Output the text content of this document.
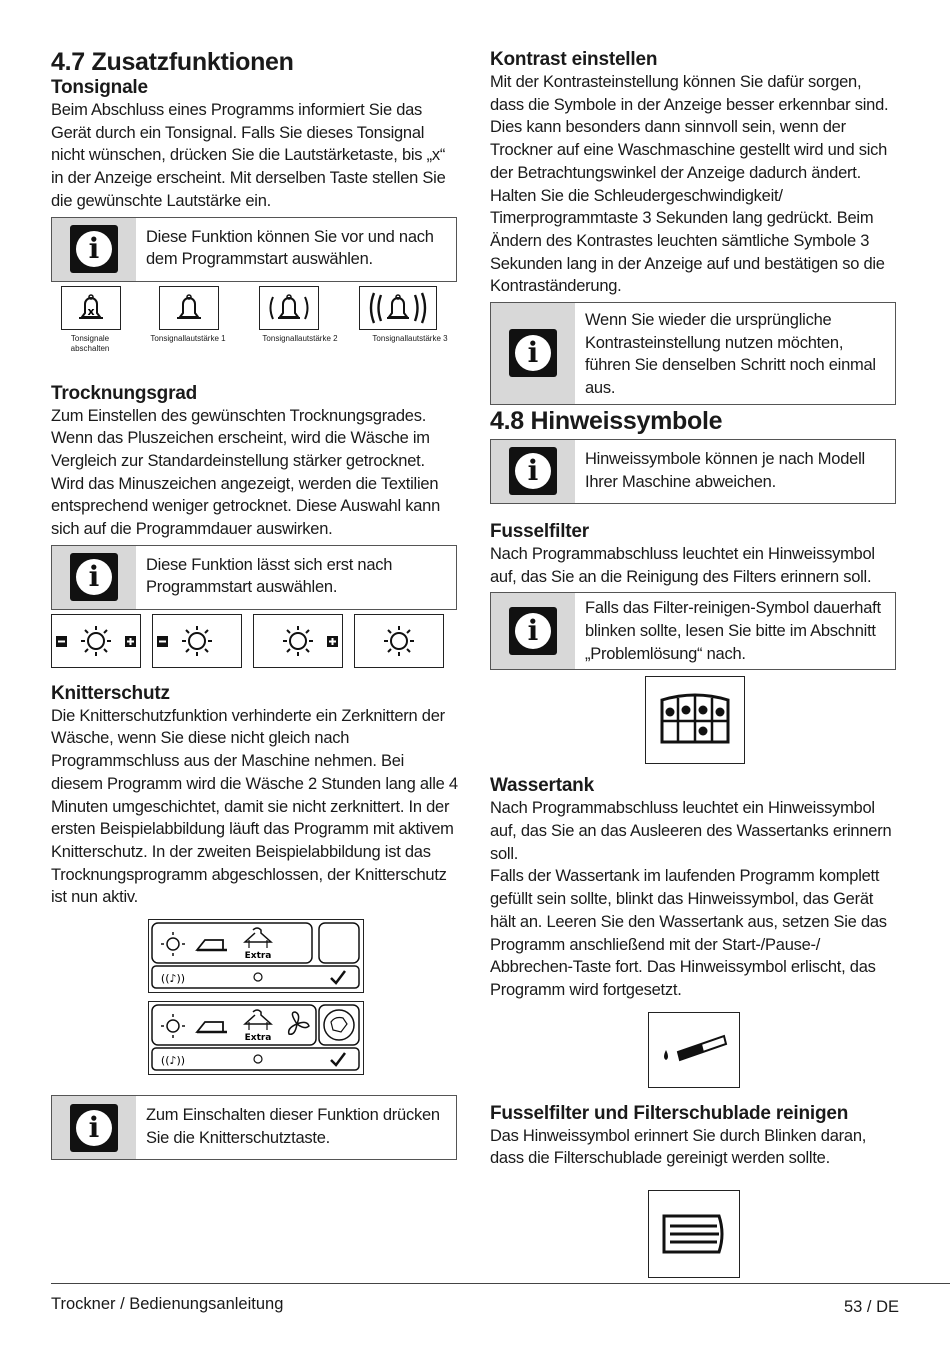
4.7 Zusatzfunktionen
Tonsignale

Beim Abschluss eines Programms informiert Sie das Gerät durch ein Tonsignal. Falls Sie dieses Tonsignal nicht wünschen, drücken Sie die Lautstärketaste, bis „x“ in der Anzeige erscheint. Mit derselben Taste stellen Sie die gewünschte Lautstärke ein.

i	Diese Funktion können Sie vor und nach dem Programmstart auswählen.
x
Tonsignale abschalten
Tonsignallautstärke 1	Tonsignallautstärke 2	Tonsignallautstärke 3
Trocknungsgrad

Zum Einstellen des gewünschten Trocknungsgrades. Wenn das Pluszeichen erscheint, wird die Wäsche im Vergleich zur Standardeinstellung stärker getrocknet. Wird das Minuszeichen angezeigt, werden die Textilien entsprechend weniger getrocknet. Diese Auswahl kann sich auf die Programmdauer auswirken.

i	Diese Funktion lässt sich erst nach Programmstart auswählen.
Knitterschutz

Die Knitterschutzfunktion verhinderte ein Zerknittern der Wäsche, wenn Sie diese nicht gleich nach Programmschluss aus der Maschine nehmen. Bei diesem Programm wird die Wäsche 2 Stunden lang alle 4 Minuten umgeschichtet, damit sie nicht zerknittert. In der ersten Beispielabbildung läuft das Programm mit aktivem Knitterschutz. In der zweiten Beispielabbildung ist das Trocknungsprogramm abgeschlossen, der Knitterschutz ist nun aktiv.

Extra
((♪))
Extra
((♪))
i	Zum Einschalten dieser Funktion drücken Sie die Knitterschutztaste.
Kontrast einstellen

Mit der Kontrasteinstellung können Sie dafür sorgen, dass die Symbole in der Anzeige besser erkennbar sind. Dies kann besonders dann sinnvoll sein, wenn der Trockner auf eine Waschmaschine gestellt wird und sich der Betrachtungswinkel der Anzeige dadurch ändert. Halten Sie die Schleudergeschwindigkeit/ Timerprogrammtaste 3 Sekunden lang gedrückt. Beim Ändern des Kontrastes leuchten sämtliche Symbole 3 Sekunden lang in der Anzeige auf und bestätigen so die Kontraständerung.

i
Wenn Sie wieder die ursprüngliche Kontrasteinstellung nutzen möchten, führen Sie denselben Schritt noch einmal aus.
4.8 Hinweissymbole
i	Hinweissymbole können je nach Modell Ihrer Maschine abweichen.
Fusselfilter

Nach Programmabschluss leuchtet ein Hinweissymbol auf, das Sie an die Reinigung des Filters erinnern soll.

i
Falls das Filter-reinigen-Symbol dauerhaft blinken sollte, lesen Sie bitte im Abschnitt „Problemlösung“ nach.
Wassertank

Nach Programmabschluss leuchtet ein Hinweissymbol auf, das Sie an das Ausleeren des Wassertanks erinnern soll.
Falls der Wassertank im laufenden Programm komplett gefüllt sein sollte, blinkt das Hinweissymbol, das Gerät hält an. Leeren Sie den Wassertank aus, setzen Sie das Programm anschließend mit der Start-/Pause-/ Abbrechen-Taste fort. Das Hinweissymbol erlischt, das Programm wird fortgesetzt.

Fusselfilter und Filterschublade reinigen

Das Hinweissymbol erinnert Sie durch Blinken daran, dass die Filterschublade gereinigt werden sollte.

Trockner / Bedienungsanleitung	53 / DE
